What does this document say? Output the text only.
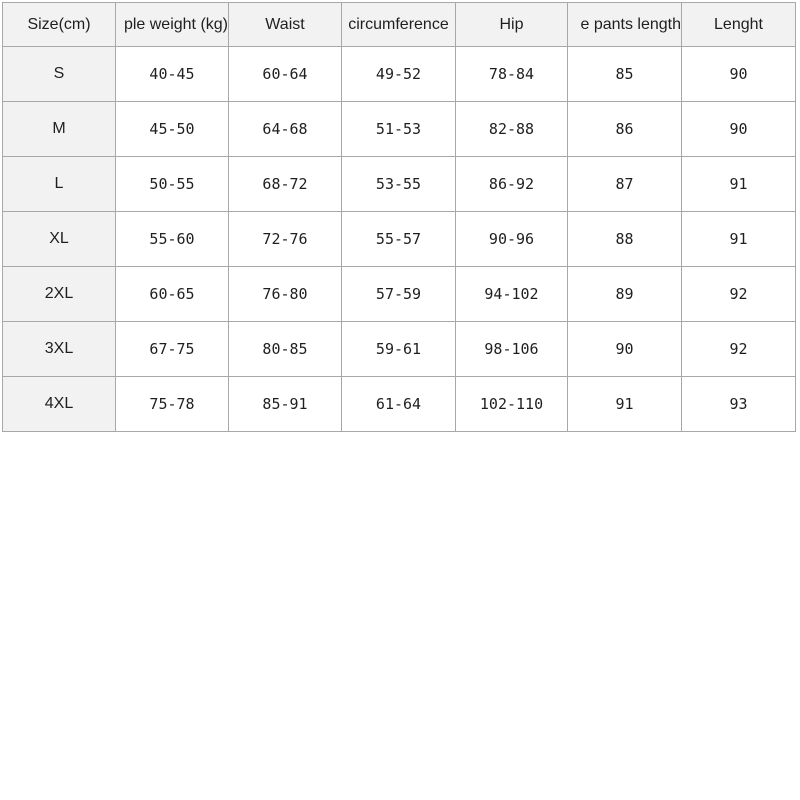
Size(cm)	ple weight (kg)	Waist	circumference	Hip	e pants length	Lenght

S	40-45	60-64	49-52	78-84	85	90
M	45-50	64-68	51-53	82-88	86	90
L	50-55	68-72	53-55	86-92	87	91
XL	55-60	72-76	55-57	90-96	88	91
2XL	60-65	76-80	57-59	94-102	89	92
3XL	67-75	80-85	59-61	98-106	90	92
4XL	75-78	85-91	61-64	102-110	91	93
